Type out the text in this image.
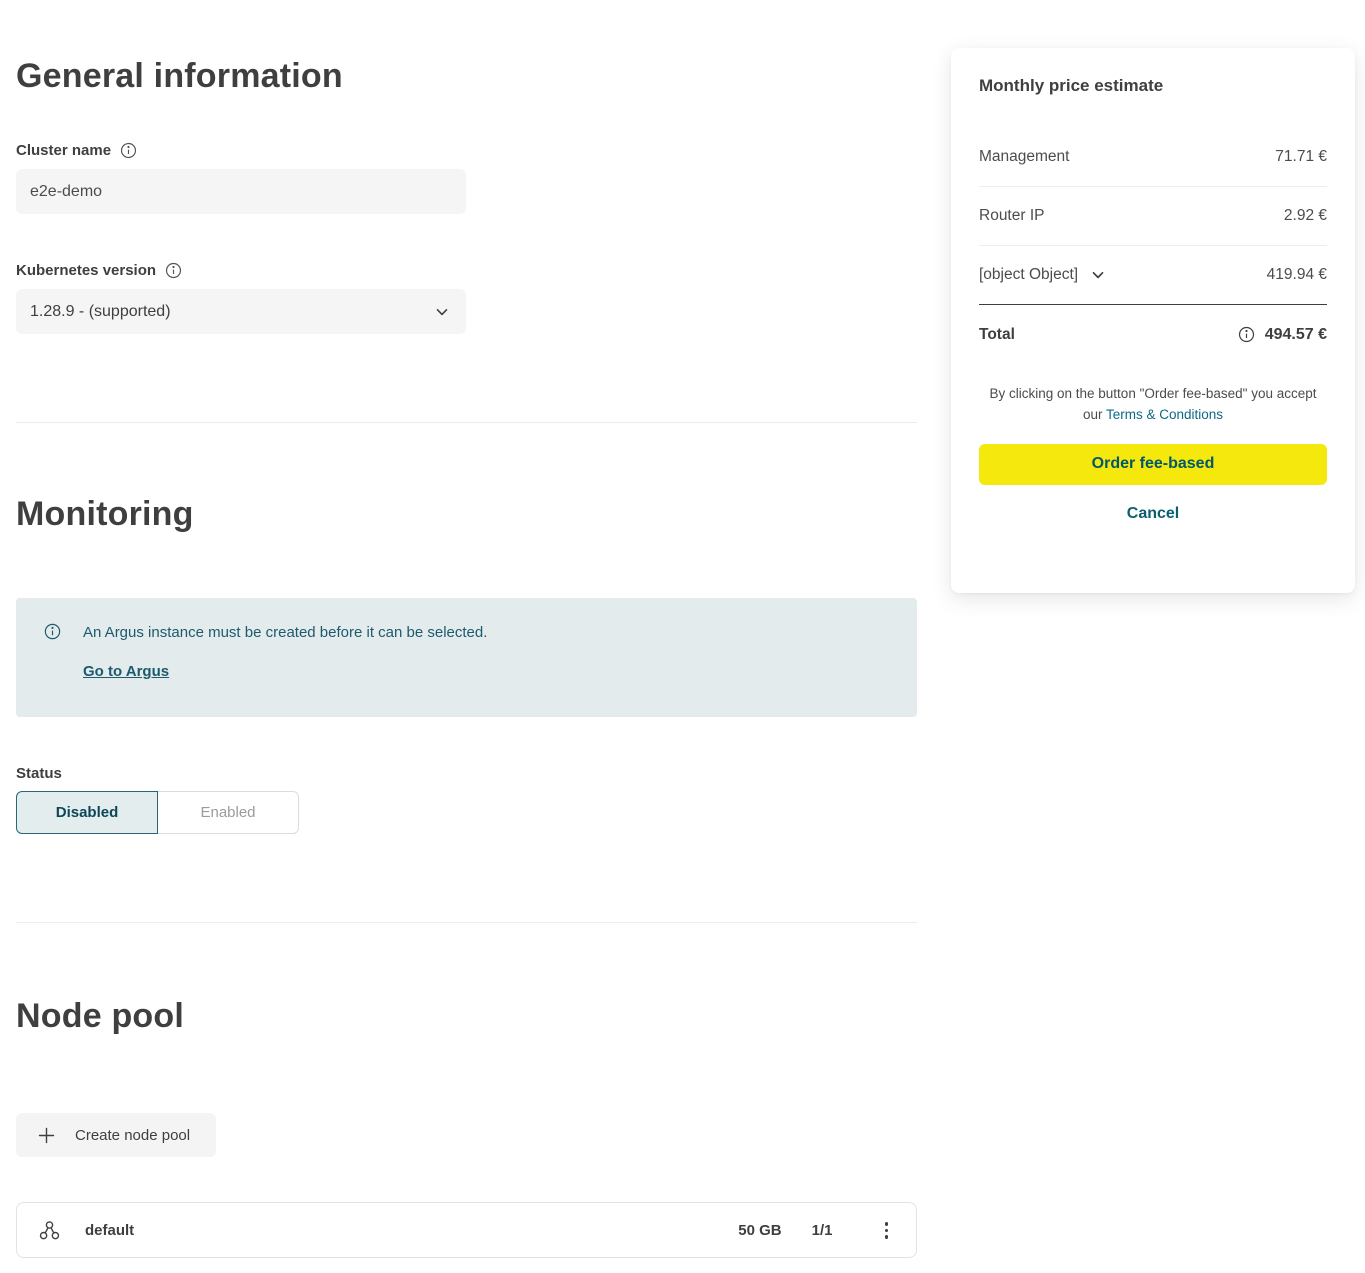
General information
Cluster name
e2e-demo
Kubernetes version
1.28.9 - (supported)
Monitoring
An Argus instance must be created before it can be selected.
Go to Argus
Status
Disabled	Enabled
Node pool
Create node pool
default	50 GB 1/1
Monthly price estimate
Management	71.71 €
Router IP	2.92 €
[object Object]	419.94 €
Total	494.57 €
By clicking on the button "Order fee-based" you accept our Terms & Conditions
Order fee-based Cancel
